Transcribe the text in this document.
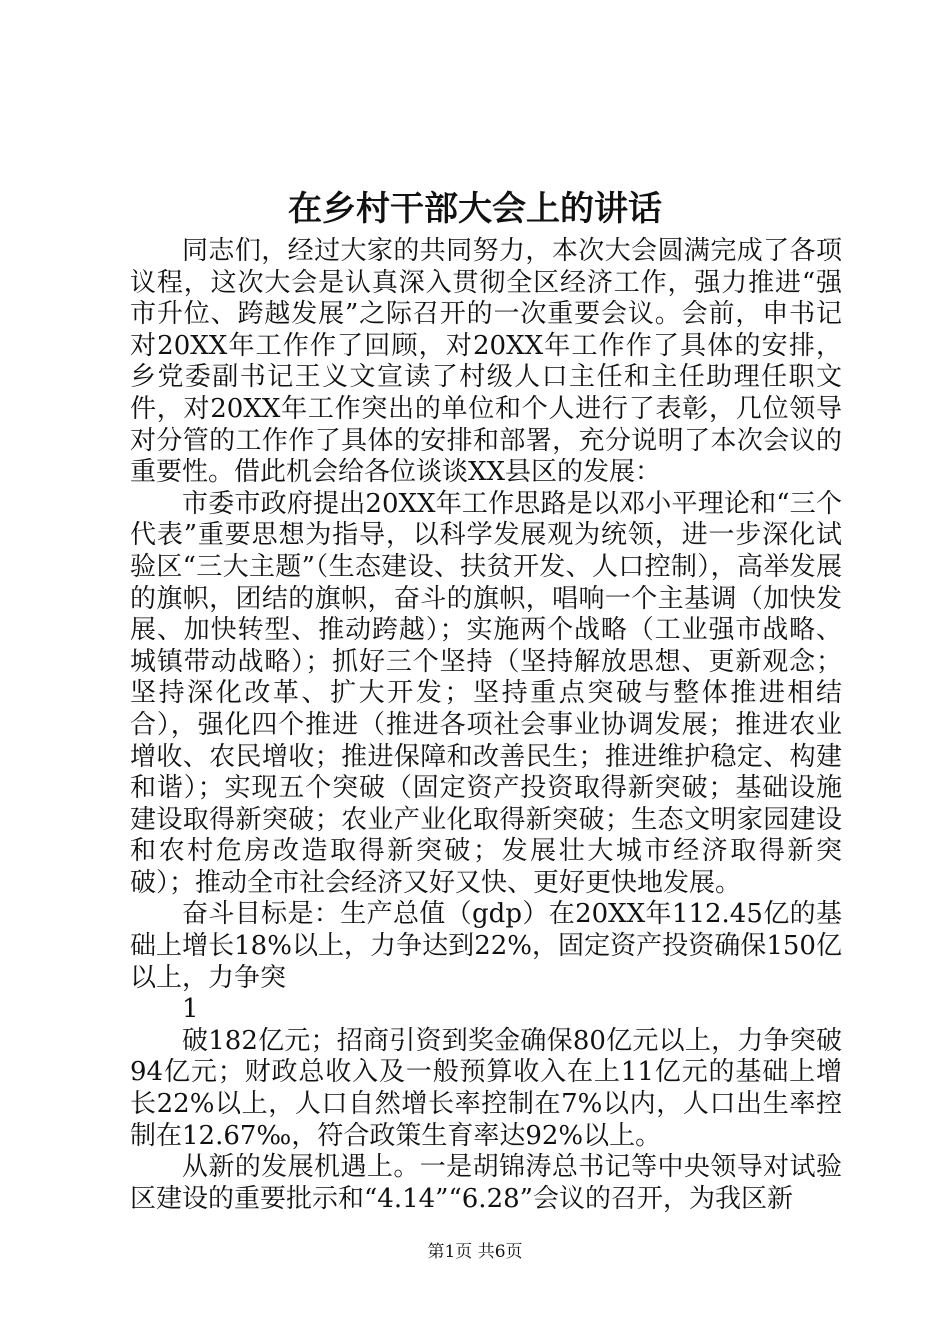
在乡村干部大会上的讲话

同志们，经过大家的共同努力，本次大会圆满完成了各项议程，这次大会是认真深入贯彻全区经济工作，强力推进“强市升位、跨越发展”之际召开的一次重要会议。会前，申书记对20XX年工作作了回顾，对20XX年工作作了具体的安排，乡党委副书记王义文宣读了村级人口主任和主任助理任职文件，对20XX年工作突出的单位和个人进行了表彰，几位领导对分管的工作作了具体的安排和部署，充分说明了本次会议的重要性。借此机会给各位谈谈XX县区的发展：

市委市政府提出20XX年工作思路是以邓小平理论和“三个代表”重要思想为指导，以科学发展观为统领，进一步深化试验区“三大主题”（生态建设、扶贫开发、人口控制），高举发展的旗帜，团结的旗帜，奋斗的旗帜，唱响一个主基调（加快发展、加快转型、推动跨越）；实施两个战略（工业强市战略、城镇带动战略）；抓好三个坚持（坚持解放思想、更新观念；坚持深化改革、扩大开发；坚持重点突破与整体推进相结合），强化四个推进（推进各项社会事业协调发展；推进农业增收、农民增收；推进保障和改善民生；推进维护稳定、构建和谐）；实现五个突破（固定资产投资取得新突破；基础设施建设取得新突破；农业产业化取得新突破；生态文明家园建设和农村危房改造取得新突破；发展壮大城市经济取得新突破）；推动全市社会经济又好又快、更好更快地发展。

奋斗目标是：生产总值（gdp）在20XX年112.45亿的基础上增长18%以上，力争达到22%，固定资产投资确保150亿以上，力争突

1

破182亿元；招商引资到奖金确保80亿元以上，力争突破94亿元；财政总收入及一般预算收入在上11亿元的基础上增长22%以上，人口自然增长率控制在7%以内，人口出生率控制在12.67‰，符合政策生育率达92%以上。

从新的发展机遇上。一是胡锦涛总书记等中央领导对试验区建设的重要批示和“4.14”“6.28”会议的召开，为我区新

第1页 共6页
